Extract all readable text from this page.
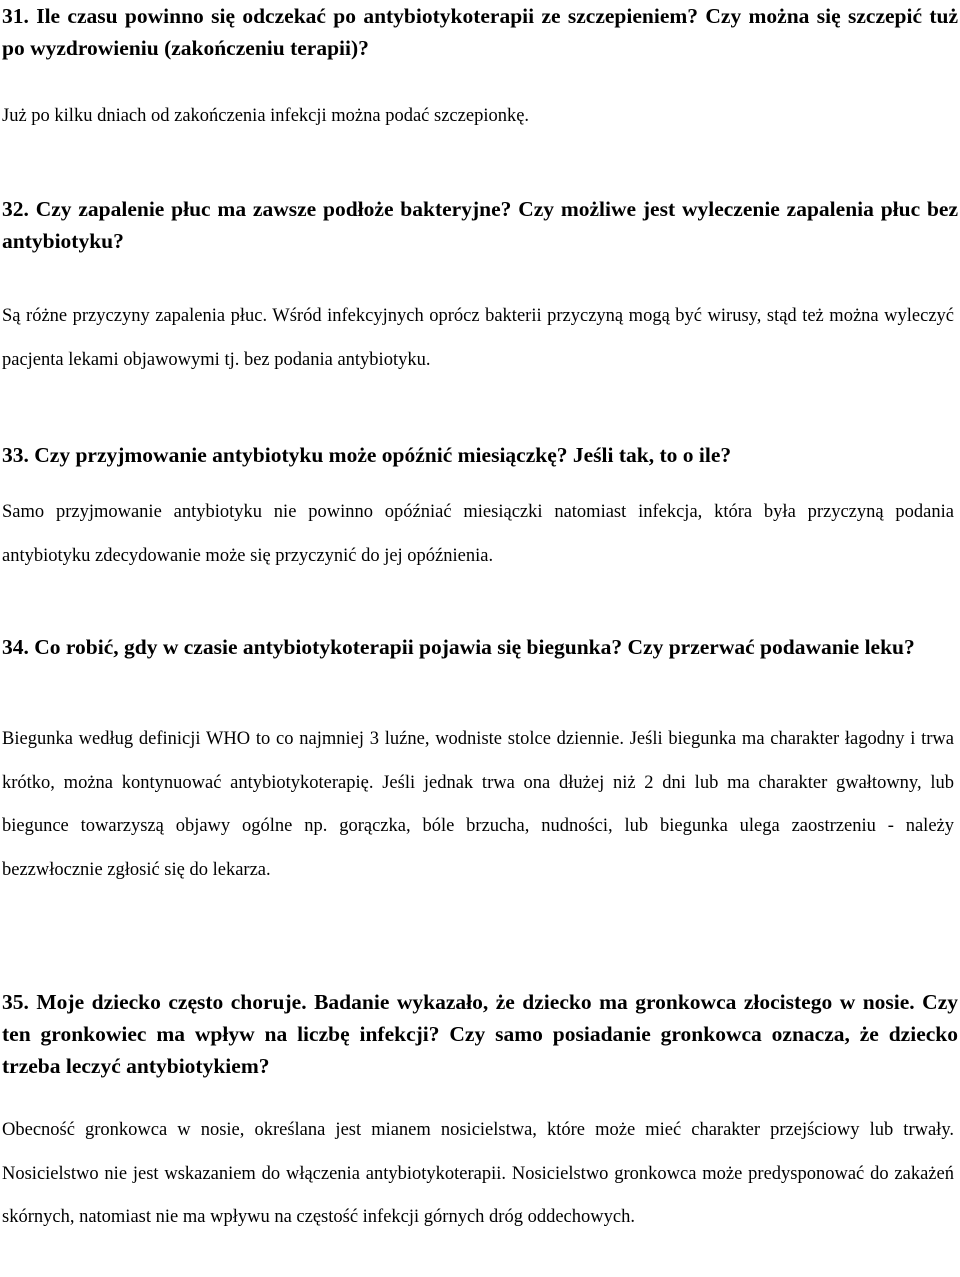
31. Ile czasu powinno się odczekać po antybiotykoterapii ze szczepieniem? Czy można się szczepić tuż po wyzdrowieniu (zakończeniu terapii)?

Już po kilku dniach od zakończenia infekcji można podać szczepionkę.

32. Czy zapalenie płuc ma zawsze podłoże bakteryjne? Czy możliwe jest wyleczenie zapalenia płuc bez antybiotyku?

Są różne przyczyny zapalenia płuc. Wśród infekcyjnych oprócz bakterii przyczyną mogą być wirusy, stąd też można wyleczyć pacjenta lekami objawowymi tj. bez podania antybiotyku.

33. Czy przyjmowanie antybiotyku może opóźnić miesiączkę? Jeśli tak, to o ile?

Samo przyjmowanie antybiotyku nie powinno opóźniać miesiączki natomiast infekcja, która była przyczyną podania antybiotyku zdecydowanie może się przyczynić do jej opóźnienia.

34. Co robić, gdy w czasie antybiotykoterapii pojawia się biegunka? Czy przerwać podawanie leku?

Biegunka według definicji WHO to co najmniej 3 luźne, wodniste stolce dziennie. Jeśli biegunka ma charakter łagodny i trwa krótko, można kontynuować antybiotykoterapię. Jeśli jednak trwa ona dłużej niż 2 dni lub ma charakter gwałtowny, lub biegunce towarzyszą objawy ogólne np. gorączka, bóle brzucha, nudności, lub biegunka ulega zaostrzeniu - należy bezzwłocznie zgłosić się do lekarza.

35. Moje dziecko często choruje. Badanie wykazało, że dziecko ma gronkowca złocistego w nosie. Czy ten gronkowiec ma wpływ na liczbę infekcji? Czy samo posiadanie gronkowca oznacza, że dziecko trzeba leczyć antybiotykiem?

Obecność gronkowca w nosie, określana jest mianem nosicielstwa, które może mieć charakter przejściowy lub trwały. Nosicielstwo nie jest wskazaniem do włączenia antybiotykoterapii. Nosicielstwo gronkowca może predysponować do zakażeń skórnych, natomiast nie ma wpływu na częstość infekcji górnych dróg oddechowych.
